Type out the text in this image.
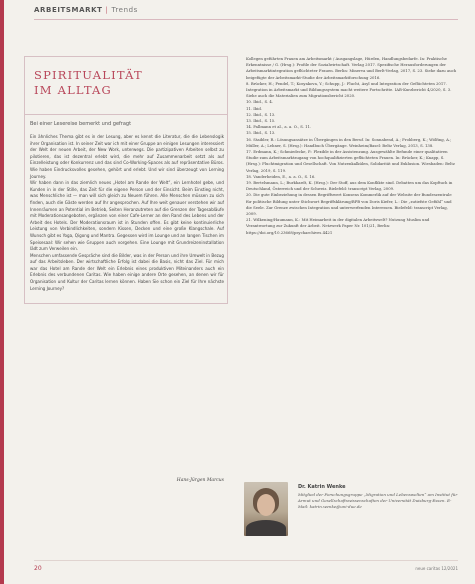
ARBEITSMARKT | Trends
SPIRITUALITÄT
IM ALLTAG
Bei einer Lesereise bemerkt und gefragt

Ein ähnliches Thema gibt es in der Lesung, aber es kennt die Literatur, die die Lebenslogik ihrer Organisation ist. In seiner Zeit war ich mit einer Gruppe an einigen Lesungen interessiert der Welt der neuen Arbeit, der New Work, unterwegs. Die partizipativen Arbeiten selbst zu pilotieren, das ist dezentral erlebt wird, die mehr auf Zusammenarbeit setzt als auf Einzelleistung oder Konkurrenz und das sind Co-Working-Spaces als auf repräsentative Büros. Wie haben Eindrucksvolles gesehen, gehört und erlebt. Und wir sind überzeugt von Lerning Journey.

Wir haben dann in das ziemlich neues „Hotel am Rande der Welt“, ein Lernhotel gebe, und Kunden in in der Stille, das Zeit für die eigene Person und der Einsicht. Beim Einstieg nicht, was Menschliche ist — man will sich gleich zu Neuem führen. Alle Menschen müssen zu sich finden, auch die Gäste werden auf Ihr angesprochen. Auf Ihre weit genauer verstehen wir auf Innenräumen an Potential im Betrieb, Seiten Heranzutreten auf die Grenzen der Tagesabläufe mit Moderationsangeboten, ergänzen von einer Cafe-Lerner an den Rand des Lebens und der Arbeit des Hotels. Der Moderationsraum ist in Stunden offen. Es gibt keine kontinuierliche Leistung von Verbindlichkeiten, sondern Kissen, Decken und eine große Klangschale. Auf Wunsch gibt es Yoga, Qigong und Mantra. Gegessen wird im Lounge und an langen Tischen im Speisesaal: Wir sehen wie Gruppen auch vorgehen. Eine Lounge mit Grundreizeninstallation lädt zum Verweilen ein.

Menschen umfassende Gespräche sind die Bilder, was in der Person und ihre Umwelt in Bezug auf das Arbeitsleben. Der wirtschaftliche Erfolg ist dabei die Basis, nicht das Ziel. Für mich war das Hotel am Rande der Welt ein Erlebnis eines produktiven Miteinanders auch ein Erlebnis des verbundenen Caritas. Wie haben einige andere Orte gesehen, an denen wir für Organisation und Kultur der Caritas lernen können. Haben Sie schon ein Ziel für Ihre nächste Lerning Journey?

Hans-Jürgen Marcus
Kollegen geführten Frauen am Arbeitsmarkt / Ausgangslage, Hürden, Handlungsbedarfe. In: Praktische Erkenntnisse / G. (Hrsg.): Profile der Sozialwirtschaft. Verlag 2017. Spezifische Herausforderungen der Arbeitsmarktintegration geflüchteter Frauen. Berlin: Minerva und Berlt-Verlag, 2017, S. 23. Siehe dazu auch beigefügte der Arbeitsmarkt-Studie der Arbeitsmarktforschung 2016.
8. Brücker, H.; Fendel, T.; Kosyakova, Y.; Schupp, J.: Flucht, Asyl und Integration der Geflüchteten 2017. Integration in Arbeitsmarkt und Bildungssystem macht weitere Fortschritte. IAB-Kurzbericht 4/2020, S. 3. Siehe auch die Materialien zum Migrationsbericht 2020.
10. Ibid., S. 4.
11. Ibid.
12. Ibid., S. 13.
13. Ibid., S. 15.
14. Pallmann et al., a. a. O., S. 11.
15. Ibid., S. 13.
16. Staibler, R.: Lösungsansätze in Übergängen in den Beruf. In: Sonnabend, A.; Frohberg, K.; Wölfing, A.; Müller, A.; Lehner, S. (Hrsg.): Handbuch Übergänge. Weinheim/Basel: Beltz Verlag, 2013, S. 138.
17. Erdmann, K.; Schmiedecke, P.: Flexible in der Assistenzung. Ausgewählte Befunde einer qualitativen Studie zum Arbeitsmarktzugang von hochqualifizierten geflüchteten Frauen. In: Brücker, K.; Knapp, S. (Hrsg.): Fluchtmigration und Gesellschaft. Von Nutzenkalkülen, Solidarität und Exklusion. Wiesbaden: Beltz Verlag, 2019, S. 119.
18. Vanderheiden, E., a. a. O., S. 16.
19. Bertelsmann, L.; Burkhardt, K. (Hrsg.): Der Stoff, aus dem Konflikte sind. Debatten um das Kopftuch in Deutschland, Österreich und der Schweiz. Bielefeld: transcript Verlag, 2009.
20. Die gute Einbeziehung in dessen Begriffswert Konsens Kommerlik auf der Website der Bundeszentrale für politische Bildung unter Stichwort Begriffsklärung/BPB von Doris Kiefer, L.: Die „zutiefste Gefühl“ und die Seele. Zur Grenze zwischen Integration und unterwerfenden Interessen. Bielefeld: transcript Verlag, 2009.
21. Wilkening/Haumann, K.: Mit Heimarbeit in der digitalen Arbeitswelt? Nutzung Muslim und Verantwortung zur Zukunft der Arbeit. Netzwerk Paper Nr. 101/21, Berlin: https://doi.org/10.23668/psycharchives.4421
Dr. Katrin Wenke
Mitglied der Forschungsgruppe „Migration und Lebenswelten“ am Institut für Armut und Gesellschaftswissenschaften der Universität Duisburg-Essen. E-Mail: katrin.wenke@uni-due.de
20	neue caritas 12/2021
